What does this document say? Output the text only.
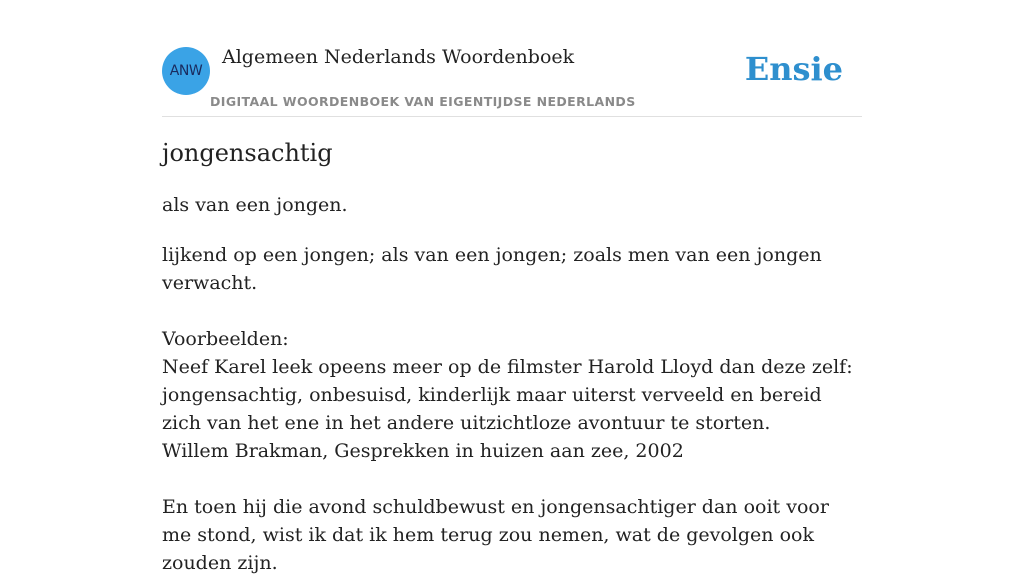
ANW
Algemeen Nederlands Woordenboek
DIGITAAL WOORDENBOEK VAN EIGENTIJDSE NEDERLANDS
Ensie
jongensachtig
als van een jongen.

lijkend op een jongen; als van een jongen; zoals men van een jongen verwacht.

Voorbeelden:

Neef Karel leek opeens meer op de filmster Harold Lloyd dan deze zelf: jongensachtig, onbesuisd, kinderlijk maar uiterst verveeld en bereid zich van het ene in het andere uitzichtloze avontuur te storten.

Willem Brakman, Gesprekken in huizen aan zee, 2002

En toen hij die avond schuldbewust en jongensachtiger dan ooit voor me stond, wist ik dat ik hem terug zou nemen, wat de gevolgen ook zouden zijn.
